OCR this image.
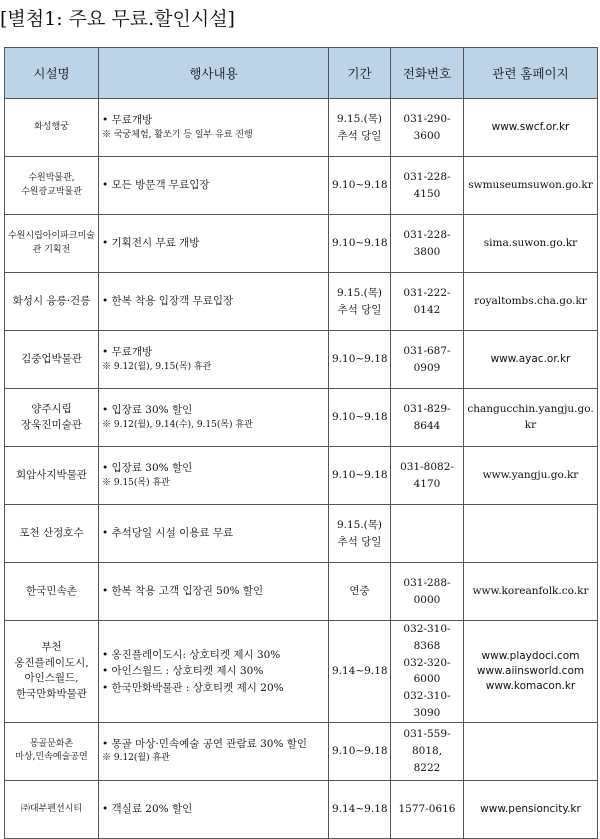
[별첨1: 주요 무료.할인시설]
시설명	행사내용	기간	전화번호	관련 홈페이지

화성행궁	• 무료개방
※ 국궁체험, 활쏘기 등 일부 유료 진행	9.15.(목)
추석 당일	031-290-3600	www.swcf.or.kr

수원박물관,
수원광교박물관	• 모든 방문객 무료입장	9.10~9.18	031-228-4150	swmuseumsuwon.go.kr

수원시립아이파크미술
관 기획전	• 기획전시 무료 개방	9.10~9.18	031-228-3800	sima.suwon.go.kr

화성시 융릉·건릉	• 한복 착용 입장객 무료입장	9.15.(목)
추석 당일	031-222-0142	royaltombs.cha.go.kr

김중업박물관	• 무료개방
※ 9.12(월), 9.15(목) 휴관	9.10~9.18	031-687-0909	www.ayac.or.kr

양주시립
장욱진미술관	• 입장료 30% 할인
※ 9.12(월), 9.14(수), 9.15(목) 휴관	9.10~9.18	031-829-8644	changucchin.yangju.go.
kr

회암사지박물관	• 입장료 30% 할인
※ 9.15(목) 휴관	9.10~9.18	031-8082-4170	www.yangju.go.kr

포천 산정호수	• 추석당일 시설 이용료 무료	9.15.(목)
추석 당일		

한국민속촌	• 한복 착용 고객 입장권 50% 할인	연중	031-288-0000	www.koreanfolk.co.kr

부천
옹진플레이도시,
아인스월드,
한국만화박물관	• 옹진플레이도시: 상호티켓 제시 30%
• 아인스월드 : 상호티켓 제시 30%
• 한국만화박물관 : 상호티켓 제시 20%	9.14~9.18	032-310-8368
032-320-6000
032-310-3090	www.playdoci.com
www.aiinsworld.com
www.komacon.kr

몽골문화촌
마상,민속예술공연	• 몽골 마상·민속예술 공연 관람료 30% 할인
※ 9.12(월) 휴관	9.10~9.18	031-559-8018,
8222	

㈜대부펜션시티	• 객실료 20% 할인	9.14~9.18	1577-0616	www.pensioncity.kr
